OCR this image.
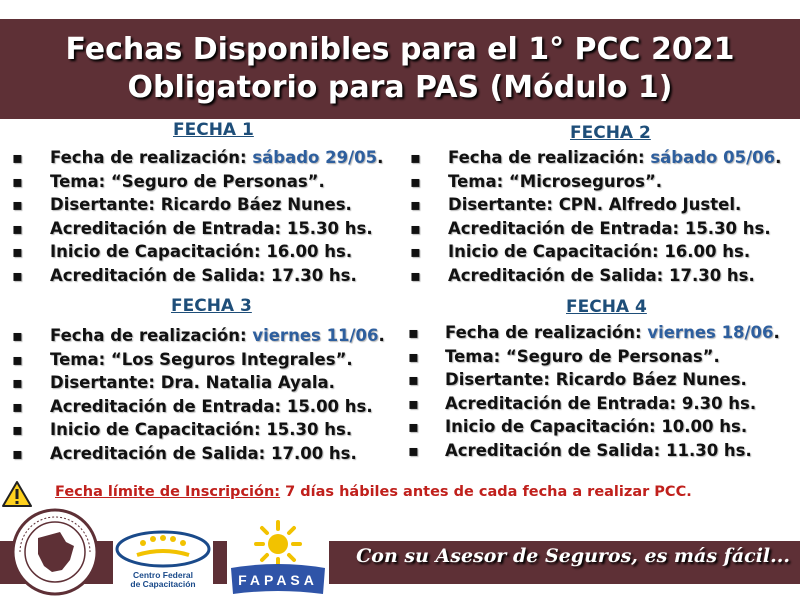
Fechas Disponibles para el 1° PCC 2021
Obligatorio para PAS (Módulo 1)
FECHA 1
▪ Fecha de realización: sábado 29/05.
▪ Tema: “Seguro de Personas”.
▪ Disertante: Ricardo Báez Nunes.
▪ Acreditación de Entrada: 15.30 hs.
▪ Inicio de Capacitación: 16.00 hs.
▪ Acreditación de Salida: 17.30 hs.
FECHA 2
▪ Fecha de realización: sábado 05/06.
▪ Tema: “Microseguros”.
▪ Disertante: CPN. Alfredo Justel.
▪ Acreditación de Entrada: 15.30 hs.
▪ Inicio de Capacitación: 16.00 hs.
▪ Acreditación de Salida: 17.30 hs.
FECHA 3
▪ Fecha de realización: viernes 11/06.
▪ Tema: “Los Seguros Integrales”.
▪ Disertante: Dra. Natalia Ayala.
▪ Acreditación de Entrada: 15.00 hs.
▪ Inicio de Capacitación: 15.30 hs.
▪ Acreditación de Salida: 17.00 hs.
FECHA 4
▪ Fecha de realización: viernes 18/06.
▪ Tema: “Seguro de Personas”.
▪ Disertante: Ricardo Báez Nunes.
▪ Acreditación de Entrada: 9.30 hs.
▪ Inicio de Capacitación: 10.00 hs.
▪ Acreditación de Salida: 11.30 hs.
Fecha límite de Inscripción: 7 días hábiles antes de cada fecha a realizar PCC.
Con su Asesor de Seguros, es más fácil...
Centro Federal
de Capacitación	FAPASA
